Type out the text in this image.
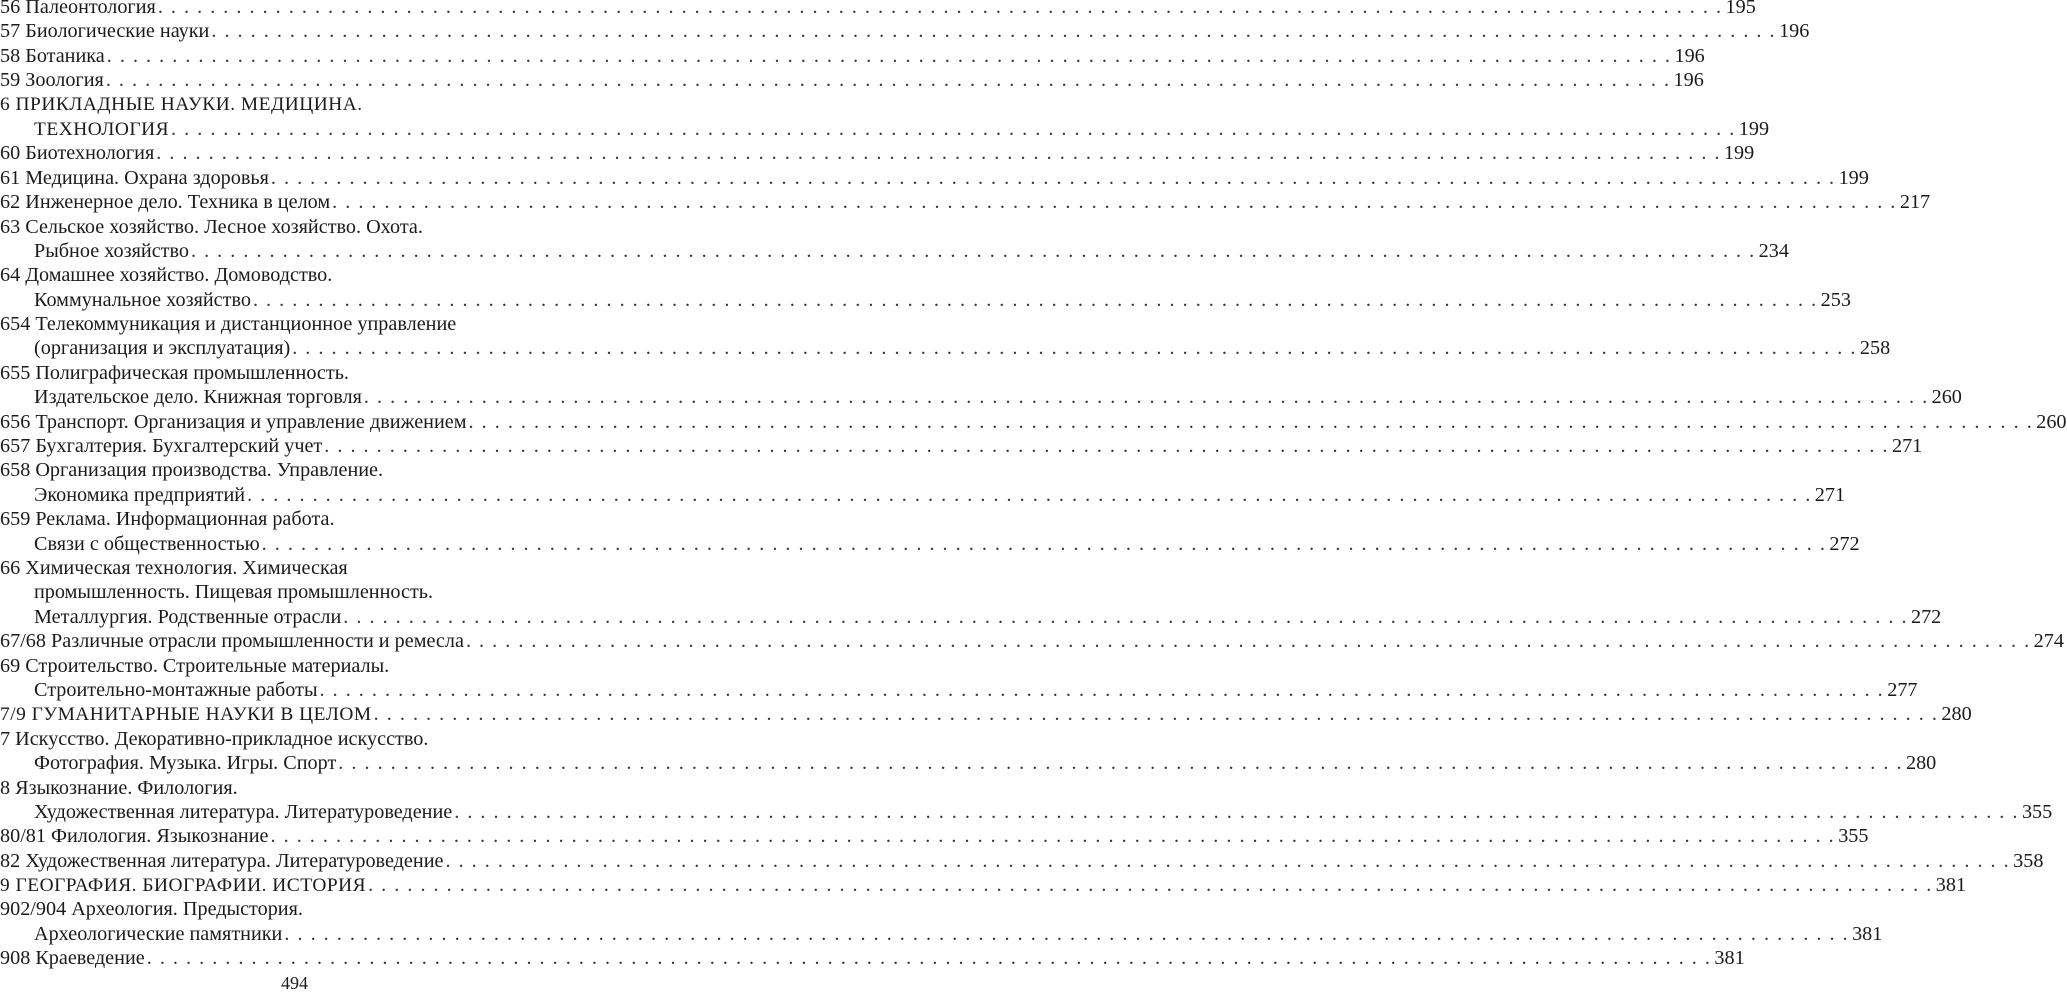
56 Палеонтология . . . . . . . . . . . . . . . . . . . . . . . . . . . . . . . . . . . . . . . . . . . . . . . . . . . . . . . . . . . . . . . . . . . . . . . . . . . . . . . . . . . . . . . . . . . . . . . . . . . . . . . . . . . . . . . . . . . . . . . . 195
57 Биологические науки . . . . . . . . . . . . . . . . . . . . . . . . . . . . . . . . . . . . . . . . . . . . . . . . . . . . . . . . . . . . . . . . . . . . . . . . . . . . . . . . . . . . . . . . . . . . . . . . . . . . . . . . . . . . . . . . . . . . . . . . 196
58 Ботаника . . . . . . . . . . . . . . . . . . . . . . . . . . . . . . . . . . . . . . . . . . . . . . . . . . . . . . . . . . . . . . . . . . . . . . . . . . . . . . . . . . . . . . . . . . . . . . . . . . . . . . . . . . . . . . . . . . . . . . . . 196
59 Зоология . . . . . . . . . . . . . . . . . . . . . . . . . . . . . . . . . . . . . . . . . . . . . . . . . . . . . . . . . . . . . . . . . . . . . . . . . . . . . . . . . . . . . . . . . . . . . . . . . . . . . . . . . . . . . . . . . . . . . . . . 196
6 ПРИКЛАДНЫЕ НАУКИ. МЕДИЦИНА.
ТЕХНОЛОГИЯ . . . . . . . . . . . . . . . . . . . . . . . . . . . . . . . . . . . . . . . . . . . . . . . . . . . . . . . . . . . . . . . . . . . . . . . . . . . . . . . . . . . . . . . . . . . . . . . . . . . . . . . . . . . . . . . . . . . . . . . . 199
60 Биотехнология . . . . . . . . . . . . . . . . . . . . . . . . . . . . . . . . . . . . . . . . . . . . . . . . . . . . . . . . . . . . . . . . . . . . . . . . . . . . . . . . . . . . . . . . . . . . . . . . . . . . . . . . . . . . . . . . . . . . . . . . 199
61 Медицина. Охрана здоровья . . . . . . . . . . . . . . . . . . . . . . . . . . . . . . . . . . . . . . . . . . . . . . . . . . . . . . . . . . . . . . . . . . . . . . . . . . . . . . . . . . . . . . . . . . . . . . . . . . . . . . . . . . . . . . . . . . . . . . . . 199
62 Инженерное дело. Техника в целом . . . . . . . . . . . . . . . . . . . . . . . . . . . . . . . . . . . . . . . . . . . . . . . . . . . . . . . . . . . . . . . . . . . . . . . . . . . . . . . . . . . . . . . . . . . . . . . . . . . . . . . . . . . . . . . . . . . . . . . . 217
63 Сельское хозяйство. Лесное хозяйство. Охота.
Рыбное хозяйство . . . . . . . . . . . . . . . . . . . . . . . . . . . . . . . . . . . . . . . . . . . . . . . . . . . . . . . . . . . . . . . . . . . . . . . . . . . . . . . . . . . . . . . . . . . . . . . . . . . . . . . . . . . . . . . . . . . . . . . . 234
64 Домашнее хозяйство. Домоводство.
Коммунальное хозяйство . . . . . . . . . . . . . . . . . . . . . . . . . . . . . . . . . . . . . . . . . . . . . . . . . . . . . . . . . . . . . . . . . . . . . . . . . . . . . . . . . . . . . . . . . . . . . . . . . . . . . . . . . . . . . . . . . . . . . . . . 253
654 Телекоммуникация и дистанционное управление
(организация и эксплуатация) . . . . . . . . . . . . . . . . . . . . . . . . . . . . . . . . . . . . . . . . . . . . . . . . . . . . . . . . . . . . . . . . . . . . . . . . . . . . . . . . . . . . . . . . . . . . . . . . . . . . . . . . . . . . . . . . . . . . . . . . 258
655 Полиграфическая промышленность.
Издательское дело. Книжная торговля . . . . . . . . . . . . . . . . . . . . . . . . . . . . . . . . . . . . . . . . . . . . . . . . . . . . . . . . . . . . . . . . . . . . . . . . . . . . . . . . . . . . . . . . . . . . . . . . . . . . . . . . . . . . . . . . . . . . . . . . 260
656 Транспорт. Организация и управление движением . . . . . . . . . . . . . . . . . . . . . . . . . . . . . . . . . . . . . . . . . . . . . . . . . . . . . . . . . . . . . . . . . . . . . . . . . . . . . . . . . . . . . . . . . . . . . . . . . . . . . . . . . . . . . . . . . . . . . . . . 260
657 Бухгалтерия. Бухгалтерский учет . . . . . . . . . . . . . . . . . . . . . . . . . . . . . . . . . . . . . . . . . . . . . . . . . . . . . . . . . . . . . . . . . . . . . . . . . . . . . . . . . . . . . . . . . . . . . . . . . . . . . . . . . . . . . . . . . . . . . . . . 271
658 Организация производства. Управление.
Экономика предприятий . . . . . . . . . . . . . . . . . . . . . . . . . . . . . . . . . . . . . . . . . . . . . . . . . . . . . . . . . . . . . . . . . . . . . . . . . . . . . . . . . . . . . . . . . . . . . . . . . . . . . . . . . . . . . . . . . . . . . . . . 271
659 Реклама. Информационная работа.
Связи с общественностью . . . . . . . . . . . . . . . . . . . . . . . . . . . . . . . . . . . . . . . . . . . . . . . . . . . . . . . . . . . . . . . . . . . . . . . . . . . . . . . . . . . . . . . . . . . . . . . . . . . . . . . . . . . . . . . . . . . . . . . . 272
66 Химическая технология. Химическая
промышленность. Пищевая промышленность.
Металлургия. Родственные отрасли . . . . . . . . . . . . . . . . . . . . . . . . . . . . . . . . . . . . . . . . . . . . . . . . . . . . . . . . . . . . . . . . . . . . . . . . . . . . . . . . . . . . . . . . . . . . . . . . . . . . . . . . . . . . . . . . . . . . . . . . 272
67/68 Различные отрасли промышленности и ремесла . . . . . . . . . . . . . . . . . . . . . . . . . . . . . . . . . . . . . . . . . . . . . . . . . . . . . . . . . . . . . . . . . . . . . . . . . . . . . . . . . . . . . . . . . . . . . . . . . . . . . . . . . . . . . . . . . . . . . . . . 274
69 Строительство. Строительные материалы.
Строительно-монтажные работы . . . . . . . . . . . . . . . . . . . . . . . . . . . . . . . . . . . . . . . . . . . . . . . . . . . . . . . . . . . . . . . . . . . . . . . . . . . . . . . . . . . . . . . . . . . . . . . . . . . . . . . . . . . . . . . . . . . . . . . . 277
7/9 ГУМАНИТАРНЫЕ НАУКИ В ЦЕЛОМ . . . . . . . . . . . . . . . . . . . . . . . . . . . . . . . . . . . . . . . . . . . . . . . . . . . . . . . . . . . . . . . . . . . . . . . . . . . . . . . . . . . . . . . . . . . . . . . . . . . . . . . . . . . . . . . . . . . . . . . . 280
7 Искусство. Декоративно-прикладное искусство.
Фотография. Музыка. Игры. Спорт . . . . . . . . . . . . . . . . . . . . . . . . . . . . . . . . . . . . . . . . . . . . . . . . . . . . . . . . . . . . . . . . . . . . . . . . . . . . . . . . . . . . . . . . . . . . . . . . . . . . . . . . . . . . . . . . . . . . . . . . 280
8 Языкознание. Филология.
Художественная литература. Литературоведение . . . . . . . . . . . . . . . . . . . . . . . . . . . . . . . . . . . . . . . . . . . . . . . . . . . . . . . . . . . . . . . . . . . . . . . . . . . . . . . . . . . . . . . . . . . . . . . . . . . . . . . . . . . . . . . . . . . . . . . . 355
80/81 Филология. Языкознание . . . . . . . . . . . . . . . . . . . . . . . . . . . . . . . . . . . . . . . . . . . . . . . . . . . . . . . . . . . . . . . . . . . . . . . . . . . . . . . . . . . . . . . . . . . . . . . . . . . . . . . . . . . . . . . . . . . . . . . . 355
82 Художественная литература. Литературоведение . . . . . . . . . . . . . . . . . . . . . . . . . . . . . . . . . . . . . . . . . . . . . . . . . . . . . . . . . . . . . . . . . . . . . . . . . . . . . . . . . . . . . . . . . . . . . . . . . . . . . . . . . . . . . . . . . . . . . . . . 358
9 ГЕОГРАФИЯ. БИОГРАФИИ. ИСТОРИЯ . . . . . . . . . . . . . . . . . . . . . . . . . . . . . . . . . . . . . . . . . . . . . . . . . . . . . . . . . . . . . . . . . . . . . . . . . . . . . . . . . . . . . . . . . . . . . . . . . . . . . . . . . . . . . . . . . . . . . . . . 381
902/904 Археология. Предыстория.
Археологические памятники . . . . . . . . . . . . . . . . . . . . . . . . . . . . . . . . . . . . . . . . . . . . . . . . . . . . . . . . . . . . . . . . . . . . . . . . . . . . . . . . . . . . . . . . . . . . . . . . . . . . . . . . . . . . . . . . . . . . . . . . 381
908 Краеведение . . . . . . . . . . . . . . . . . . . . . . . . . . . . . . . . . . . . . . . . . . . . . . . . . . . . . . . . . . . . . . . . . . . . . . . . . . . . . . . . . . . . . . . . . . . . . . . . . . . . . . . . . . . . . . . . . . . . . . . . 381
494
